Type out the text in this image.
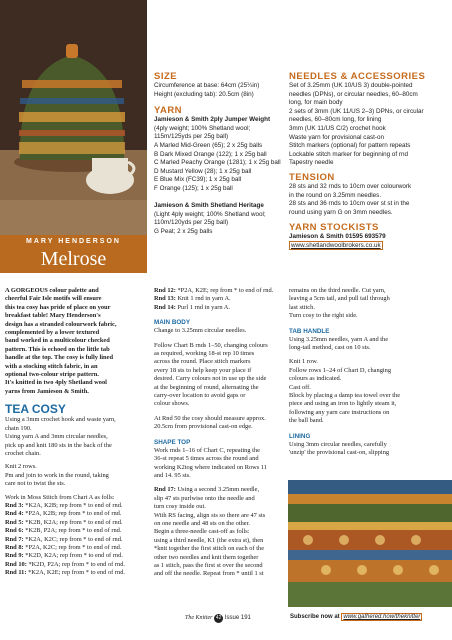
MARY HENDERSON
Melrose
SIZE
Circumference at base: 64cm (25¼in)
Height (excluding tab): 20.5cm (8in)
YARN
Jamieson & Smith 2ply Jumper Weight
(4ply weight; 100% Shetland wool;
115m/125yds per 25g ball)
A Marled Mid-Green (65); 2 x 25g balls
B Dark Mixed Orange (122); 1 x 25g ball
C Marled Peachy Orange (1281); 1 x 25g ball
D Mustard Yellow (28); 1 x 25g ball
E Blue Mix (FC39); 1 x 25g ball
F Orange (125); 1 x 25g ball
Jamieson & Smith Shetland Heritage
(Light 4ply weight; 100% Shetland wool;
110m/120yds per 25g ball)
G Peat; 2 x 25g balls
NEEDLES & ACCESSORIES
Set of 3.25mm (UK 10/US 3) double-pointed
needles (DPNs), or circular needles, 60–80cm
long, for main body
2 sets of 3mm (UK 11/US 2–3) DPNs, or circular
needles, 60–80cm long, for lining
3mm (UK 11/US C/2) crochet hook
Waste yarn for provisional cast-on
Stitch markers (optional) for pattern repeats
Lockable stitch marker for beginning of rnd
Tapestry needle
TENSION
28 sts and 32 rnds to 10cm over colourwork
in the round on 3.25mm needles.
28 sts and 36 rnds to 10cm over st st in the
round using yarn G on 3mm needles.
YARN STOCKISTS
Jamieson & Smith 01595 693579
www.shetlandwoolbrokers.co.uk
A GORGEOUS colour palette and
cheerful Fair Isle motifs will ensure
this tea cosy has pride of place on your
breakfast table! Mary Henderson's
design has a stranded colourwork fabric,
complemented by a lower textured
band worked in a multicolour checked
pattern. This is echoed on the little tab
handle at the top. The cosy is fully lined
with a stocking stitch fabric, in an
optional two-colour stripe pattern.
It's knitted in two 4ply Shetland wool
yarns from Jamieson & Smith.
TEA COSY
Using a 3mm crochet hook and waste yarn,
chain 190.
Using yarn A and 3mm circular needles,
pick up and knit 180 sts in the back of the
crochet chain.
Knit 2 rows.
Pm and join to work in the round, taking
care not to twist the sts.
Work in Moss Stitch from Chart A as folls:
Rnd 3: *K2A, K2B; rep from * to end of rnd.
Rnd 4: *P2A, K2B; rep from * to end of rnd.
Rnd 5: *K2B, K2A; rep from * to end of rnd.
Rnd 6: *K2B, P2A; rep from * to end of rnd.
Rnd 7: *K2A, K2C; rep from * to end of rnd.
Rnd 8: *P2A, K2C; rep from * to end of rnd.
Rnd 9: *K2D, K2A; rep from * to end of rnd.
Rnd 10: *K2D, P2A; rep from * to end of rnd.
Rnd 11: *K2A, K2E; rep from * to end of rnd.
Rnd 12: *P2A, K2E; rep from * to end of rnd.
Rnd 13: Knit 1 rnd in yarn A.
Rnd 14: Purl 1 rnd in yarn A.
MAIN BODY
Change to 3.25mm circular needles.
Follow Chart B rnds 1–50, changing colours
as required, working 18-st rep 10 times
across the round. Place stitch markers
every 18 sts to help keep your place if
desired. Carry colours not in use up the side
at the beginning of round, alternating the
carry-over location to avoid gaps or
colour shows.
At Rnd 50 the cosy should measure approx.
20.5cm from provisional cast-on edge.
SHAPE TOP
Work rnds 1–16 of Chart C, repeating the
36-st repeat 5 times across the round and
working K2tog where indicated on Rows 11
and 14. 95 sts.
Rnd 17: Using a second 3.25mm needle,
slip 47 sts purlwise onto the needle and
turn cosy inside out.
With RS facing, align sts so there are 47 sts
on one needle and 48 sts on the other.
Begin a three-needle cast-off as folls:
using a third needle, K1 (the extra st), then
*knit together the first stitch on each of the
other two needles and knit them together
as 1 stitch, pass the first st over the second
and off the needle. Repeat from * until 1 st
remains on the third needle. Cut yarn,
leaving a 5cm tail, and pull tail through
last stitch.
Turn cosy to the right side.
TAB HANDLE
Using 3.25mm needles, yarn A and the
long-tail method, cast on 10 sts.
Knit 1 row.
Follow rows 1–24 of Chart D, changing
colours as indicated.
Cast off.
Block by placing a damp tea towel over the
piece and using an iron to lightly steam it,
following any yarn care instructions on
the ball band.
LINING
Using 3mm circular needles, carefully
'unzip' the provisional cast-on, slipping
The Knitter 42 Issue 191	Subscribe now at www.gathered.how/theknitter
